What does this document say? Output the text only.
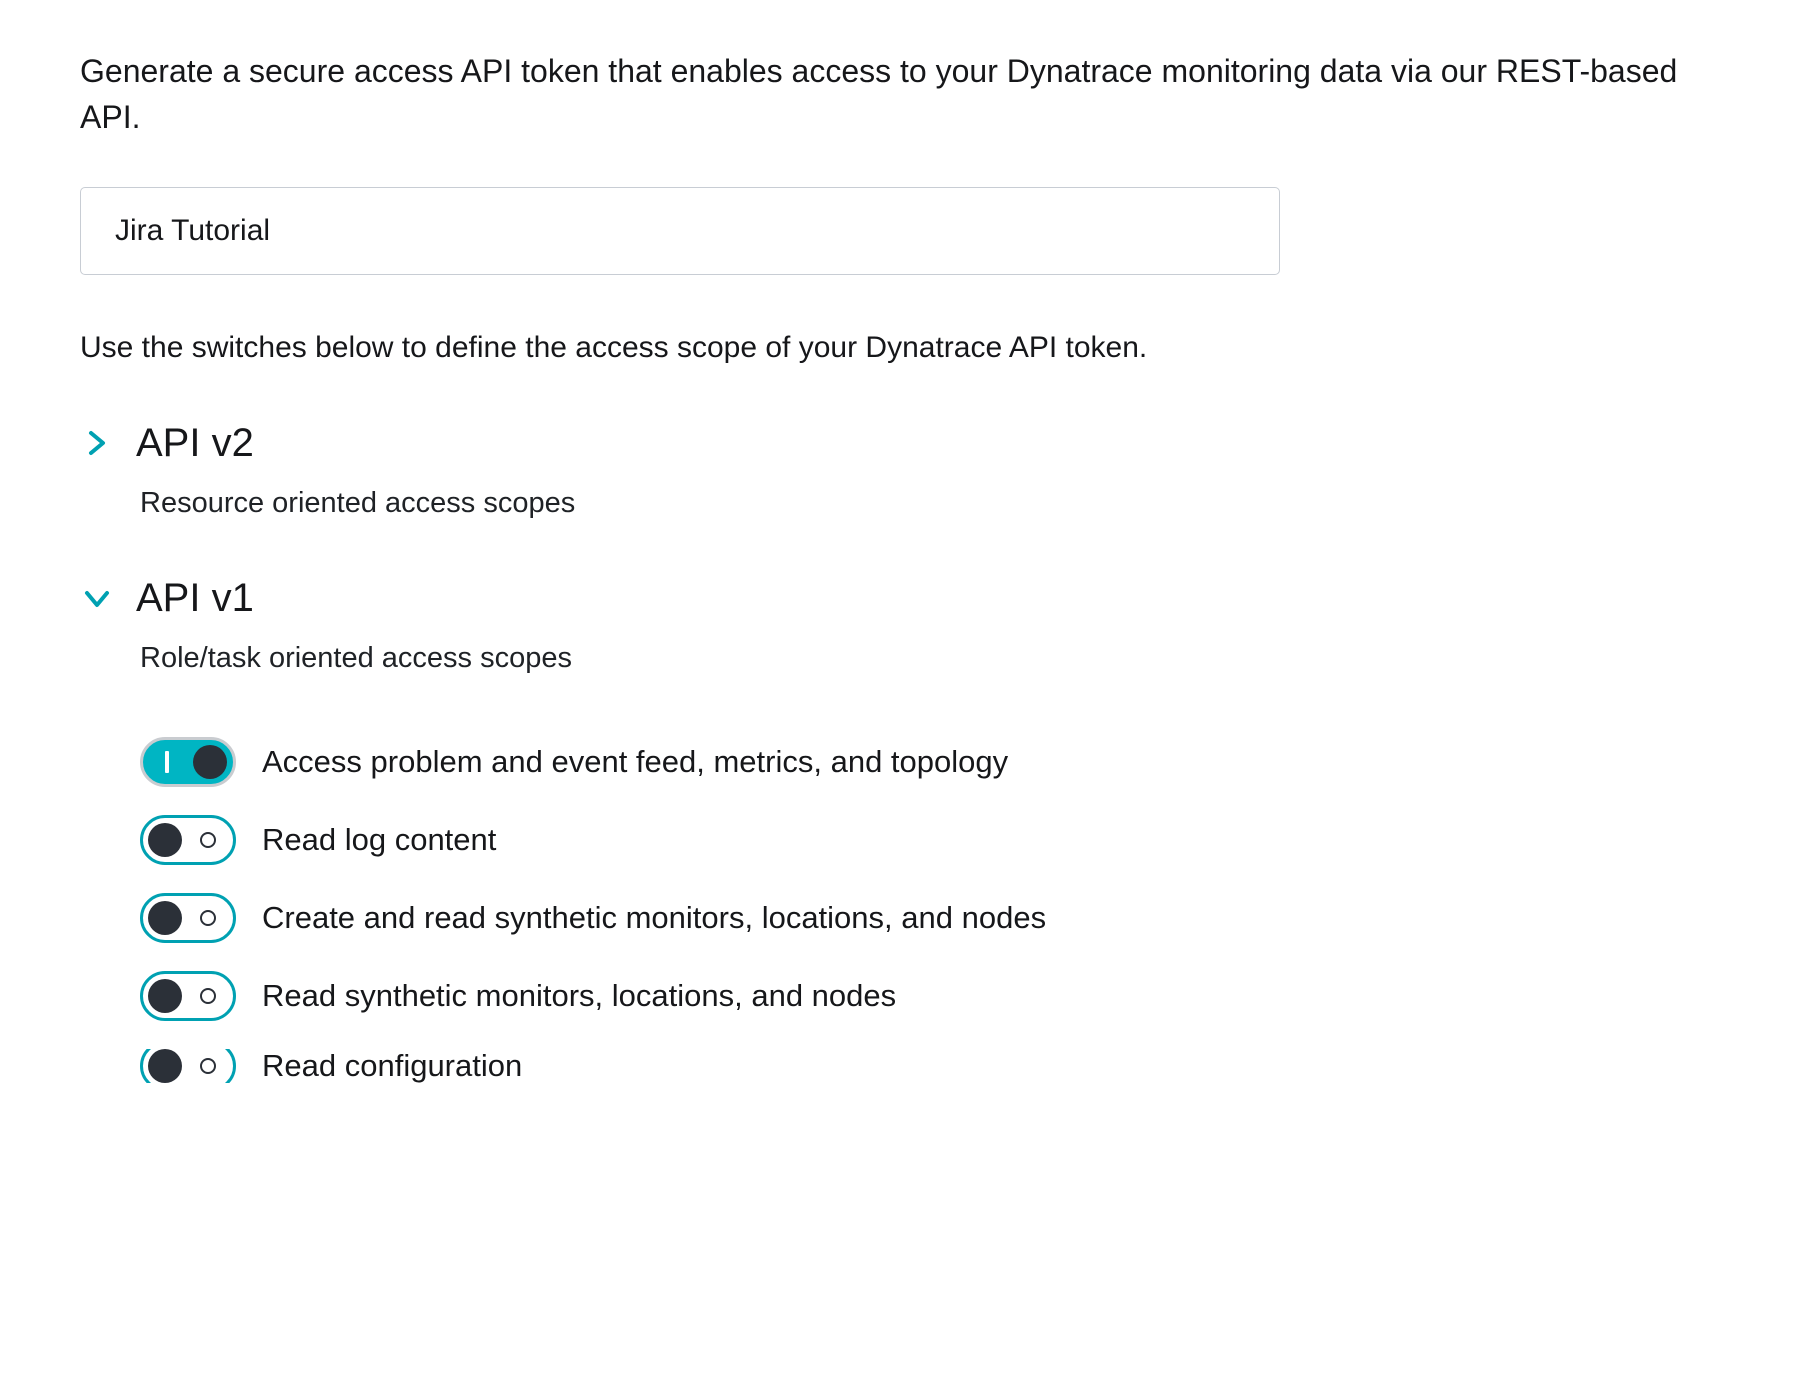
Generate a secure access API token that enables access to your Dynatrace monitoring data via our REST-based API.

Jira Tutorial

Use the switches below to define the access scope of your Dynatrace API token.

API v2
Resource oriented access scopes
API v1
Role/task oriented access scopes
Access problem and event feed, metrics, and topology
Read log content
Create and read synthetic monitors, locations, and nodes
Read synthetic monitors, locations, and nodes
Read configuration
